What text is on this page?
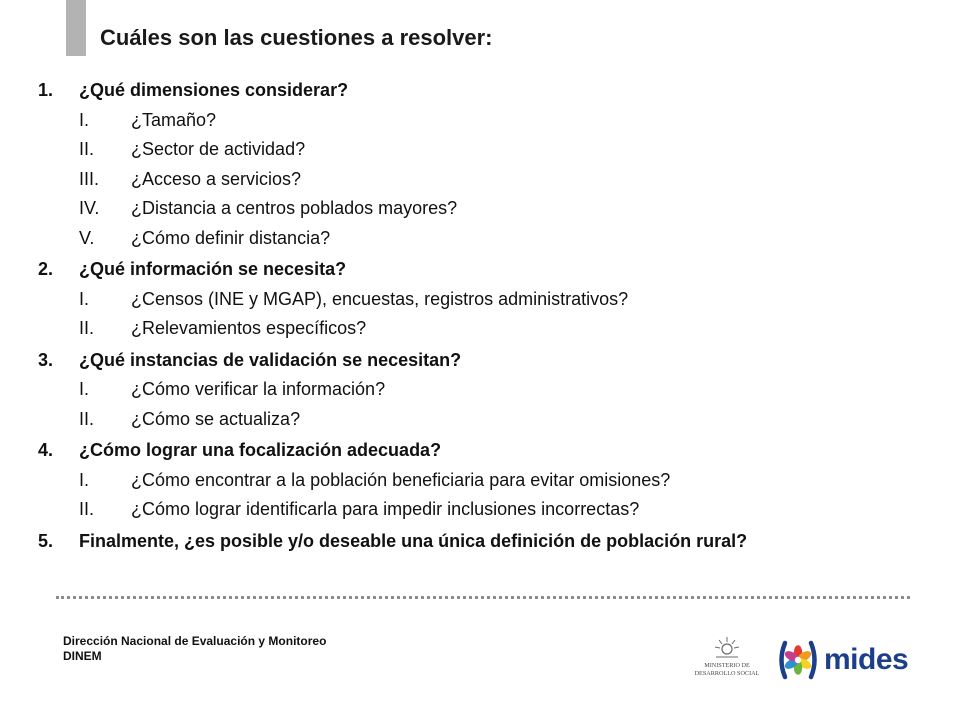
Cuáles son las cuestiones a resolver:
1.	¿Qué dimensiones considerar?
I.	¿Tamaño?
II.	¿Sector de actividad?
III.	¿Acceso a servicios?
IV.	¿Distancia a centros poblados mayores?
V.	¿Cómo definir distancia?
2.	¿Qué información se necesita?
I.	¿Censos (INE y MGAP), encuestas, registros administrativos?
II.	¿Relevamientos específicos?
3.	¿Qué instancias de validación se necesitan?
I.	¿Cómo verificar la información?
II.	¿Cómo se actualiza?
4.	¿Cómo lograr una focalización adecuada?
I.	¿Cómo encontrar a la población beneficiaria para evitar omisiones?
II.	¿Cómo lograr identificarla para impedir inclusiones incorrectas?
5.	Finalmente, ¿es posible y/o deseable una única definición de población rural?
Dirección Nacional de Evaluación y Monitoreo
DINEM
MINISTERIO DE
DESARROLLO SOCIAL mides
